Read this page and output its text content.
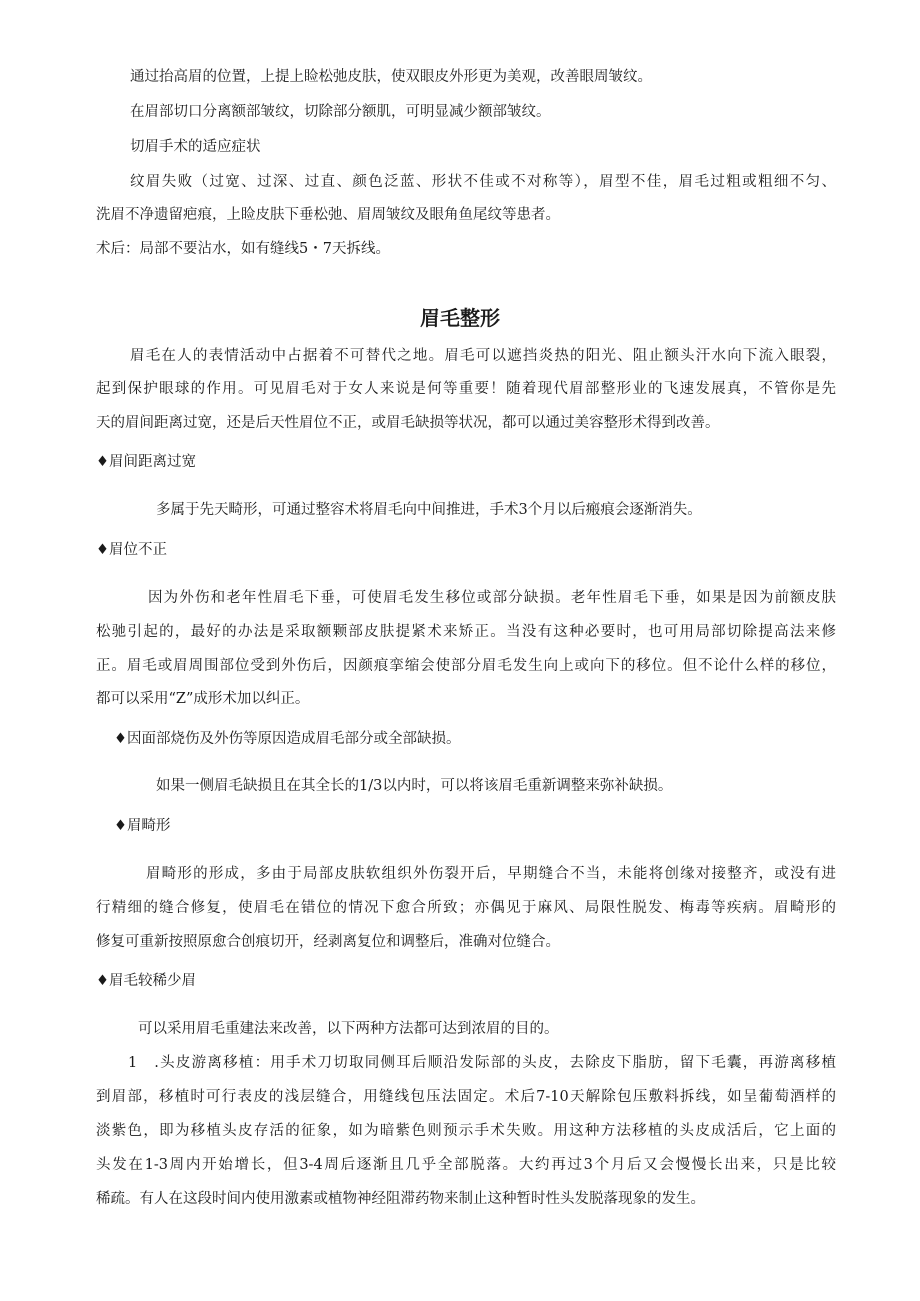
通过抬高眉的位置，上提上睑松弛皮肤，使双眼皮外形更为美观，改善眼周皱纹。

在眉部切口分离额部皱纹，切除部分额肌，可明显减少额部皱纹。

切眉手术的适应症状

纹眉失败（过宽、过深、过直、颜色泛蓝、形状不佳或不对称等），眉型不佳，眉毛过粗或粗细不匀、

洗眉不净遗留疤痕，上睑皮肤下垂松弛、眉周皱纹及眼角鱼尾纹等患者。

术后：局部不要沾水，如有缝线5・7天拆线。

眉毛整形

眉毛在人的表情活动中占据着不可替代之地。眉毛可以遮挡炎热的阳光、阻止额头汗水向下流入眼裂，

起到保护眼球的作用。可见眉毛对于女人来说是何等重要！随着现代眉部整形业的飞速发展真，不管你是先

天的眉间距离过宽，还是后天性眉位不正，或眉毛缺损等状况，都可以通过美容整形术得到改善。

♦眉间距离过宽

多属于先天畸形，可通过整容术将眉毛向中间推进，手术3个月以后瘢痕会逐渐消失。

♦眉位不正

因为外伤和老年性眉毛下垂，可使眉毛发生移位或部分缺损。老年性眉毛下垂，如果是因为前额皮肤

松驰引起的，最好的办法是采取额颗部皮肤提紧术来矫正。当没有这种必要时，也可用局部切除提高法来修

正。眉毛或眉周围部位受到外伤后，因颜痕挛缩会使部分眉毛发生向上或向下的移位。但不论什么样的移位，

都可以采用“Z”成形术加以纠正。

♦因面部烧伤及外伤等原因造成眉毛部分或全部缺损。

如果一侧眉毛缺损且在其全长的1/3以内时，可以将该眉毛重新调整来弥补缺损。

♦眉畸形

眉畸形的形成，多由于局部皮肤软组织外伤裂开后，早期缝合不当，未能将创缘对接整齐，或没有进

行精细的缝合修复，使眉毛在错位的情况下愈合所致；亦偶见于麻风、局限性脱发、梅毒等疾病。眉畸形的

修复可重新按照原愈合创痕切开，经剥离复位和调整后，准确对位缝合。

♦眉毛较稀少眉

可以采用眉毛重建法来改善，以下两种方法都可达到浓眉的目的。

1　.头皮游离移植：用手术刀切取同侧耳后顺沿发际部的头皮，去除皮下脂肪，留下毛囊，再游离移植

到眉部，移植时可行表皮的浅层缝合，用缝线包压法固定。术后7-10天解除包压敷料拆线，如呈葡萄酒样的

淡紫色，即为移植头皮存活的征象，如为暗紫色则预示手术失败。用这种方法移植的头皮成活后，它上面的

头发在1-3周内开始增长，但3-4周后逐渐且几乎全部脱落。大约再过3个月后又会慢慢长出来，只是比较

稀疏。有人在这段时间内使用激素或植物神经阻滞药物来制止这种暂时性头发脱落现象的发生。
